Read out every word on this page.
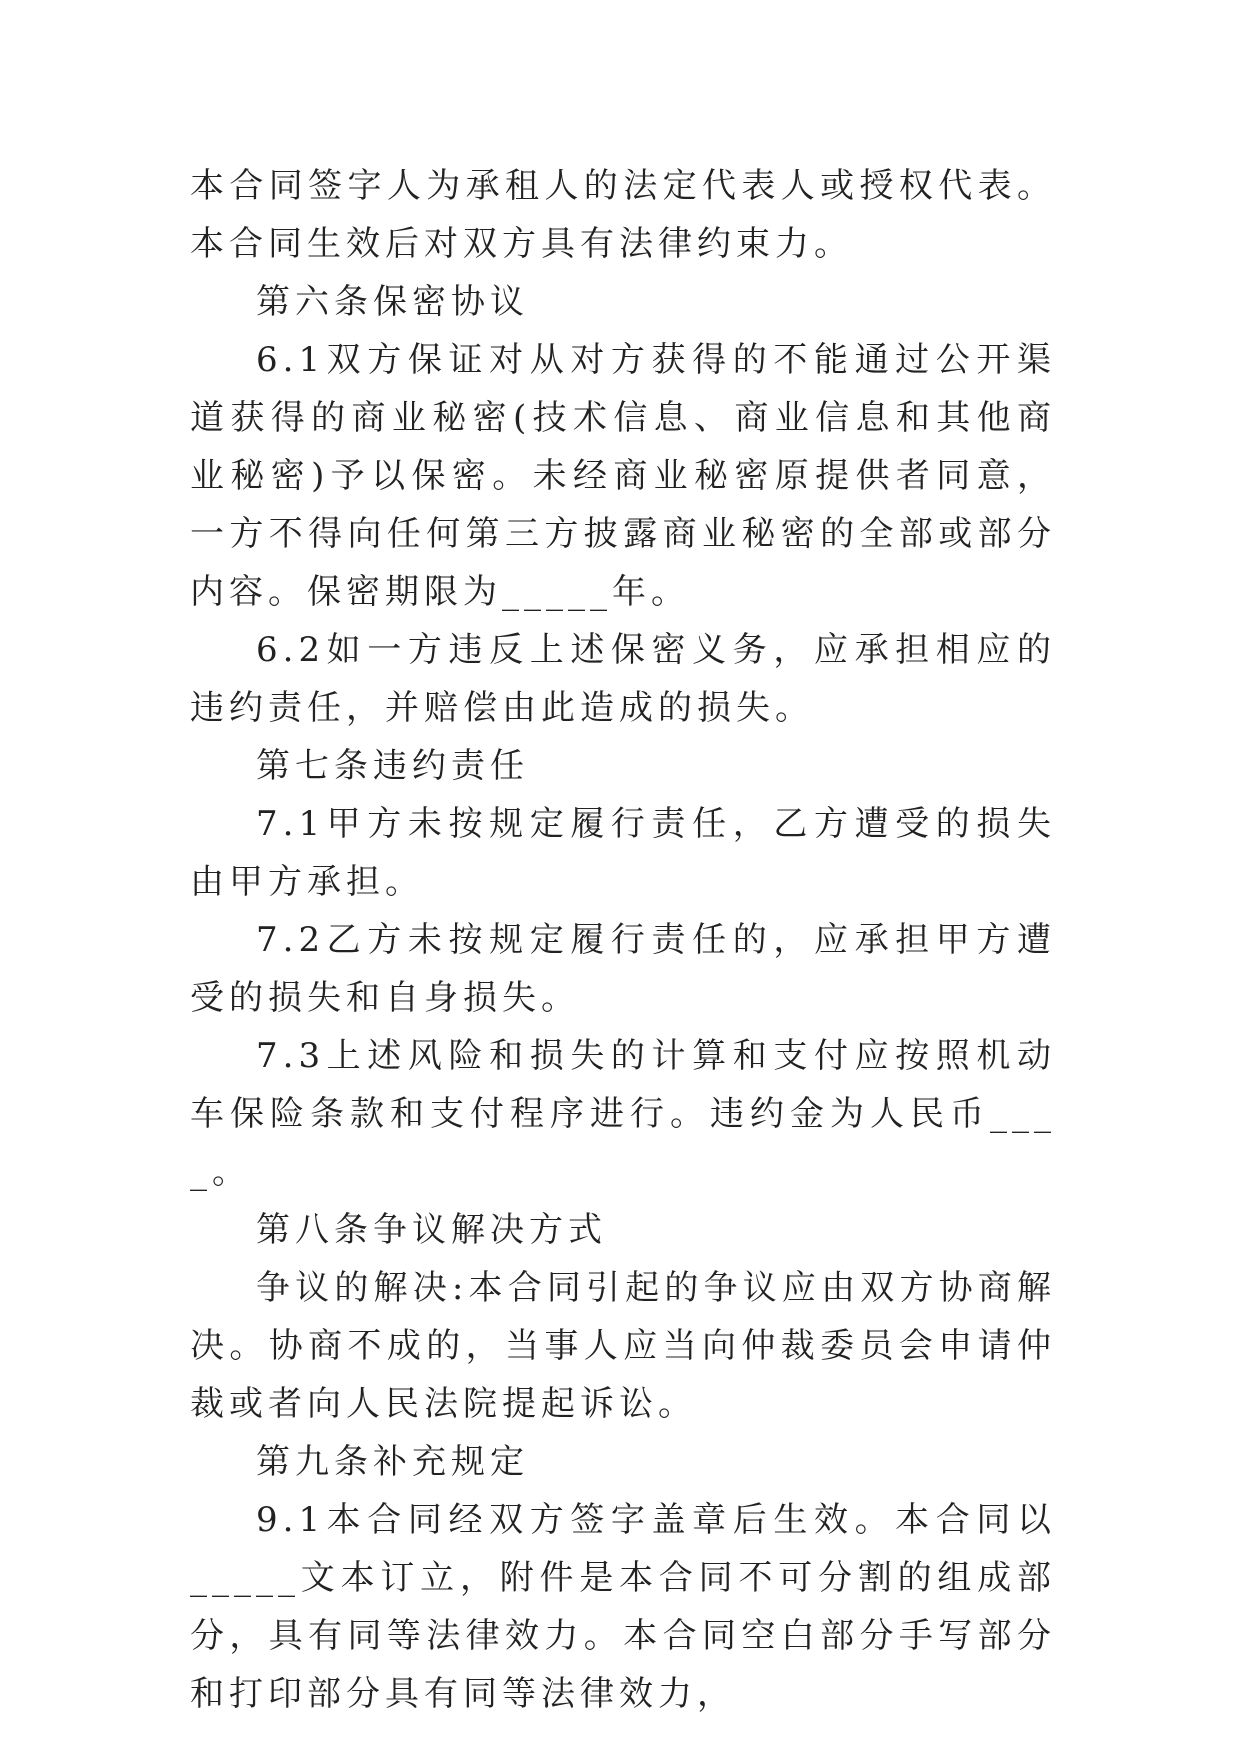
本合同签字人为承租人的法定代表人或授权代表。本合同生效后对双方具有法律约束力。

第六条保密协议

6.1双方保证对从对方获得的不能通过公开渠道获得的商业秘密(技术信息、商业信息和其他商业秘密)予以保密。未经商业秘密原提供者同意，一方不得向任何第三方披露商业秘密的全部或部分内容。保密期限为_____年。

6.2如一方违反上述保密义务，应承担相应的违约责任，并赔偿由此造成的损失。

第七条违约责任

7.1甲方未按规定履行责任，乙方遭受的损失由甲方承担。

7.2乙方未按规定履行责任的，应承担甲方遭受的损失和自身损失。

7.3上述风险和损失的计算和支付应按照机动车保险条款和支付程序进行。违约金为人民币___ _。

第八条争议解决方式

争议的解决:本合同引起的争议应由双方协商解决。协商不成的，当事人应当向仲裁委员会申请仲裁或者向人民法院提起诉讼。

第九条补充规定

9.1本合同经双方签字盖章后生效。本合同以_____文本订立，附件是本合同不可分割的组成部分，具有同等法律效力。本合同空白部分手写部分和打印部分具有同等法律效力，
